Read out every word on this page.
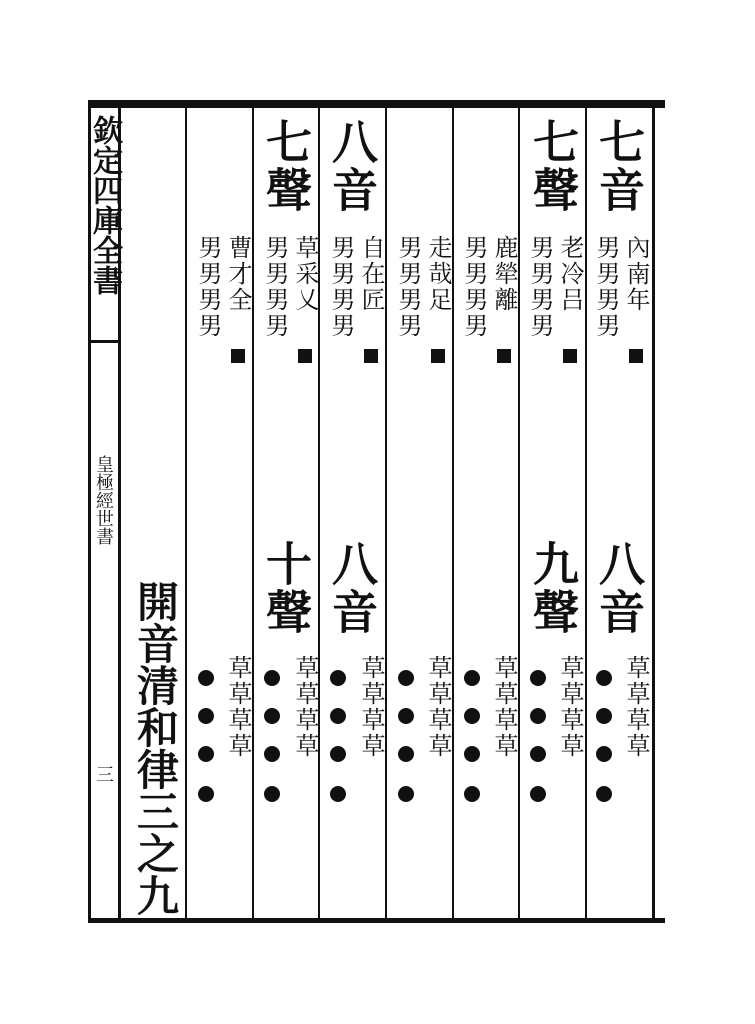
欽定四庫全書
皇極經世書
三 開音清和律三之九
七音
內南年
男男男男
八音
草草草草
七聲
老冷吕
男男男男
九聲
草草草草
鹿犖離
男男男男
草草草草
走哉足
男男男男
草草草草
八音
自在匠
男男男男
八音
草草草草
七聲
草采乂
男男男男
十聲
草草草草
曹才全
男男男男
草草草草
